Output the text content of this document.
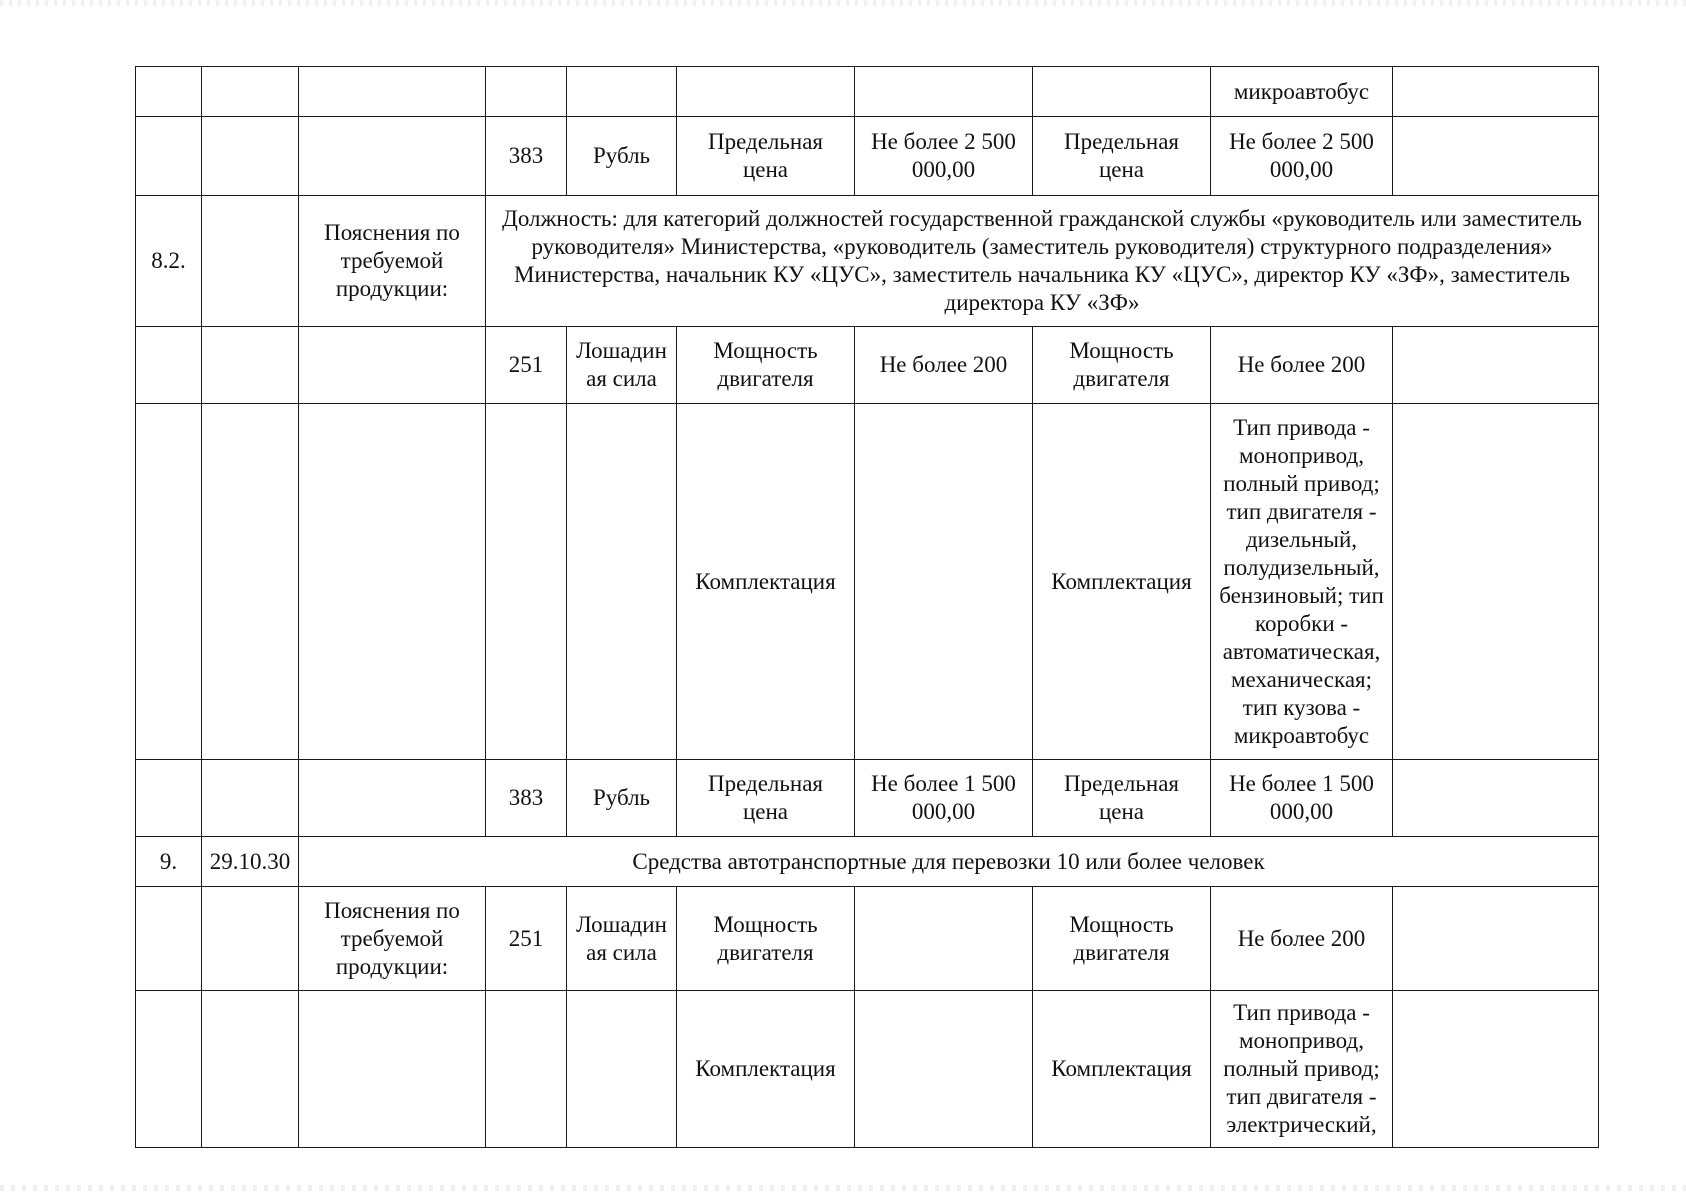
								микроавтобус	
			383	Рубль	Предельная цена	Не более 2 500 000,00	Предельная цена	Не более 2 500 000,00	
8.2.		Пояснения по требуемой продукции:	Должность: для категорий должностей государственной гражданской службы «руководитель или заместитель руководителя» Министерства, «руководитель (заместитель руководителя) структурного подразделения» Министерства, начальник КУ «ЦУС», заместитель начальника КУ «ЦУС», директор КУ «ЗФ», заместитель директора КУ «ЗФ»						
			251	Лошадиная сила	Мощность двигателя	Не более 200	Мощность двигателя	Не более 200	
					Комплектация		Комплектация	Тип привода - монопривод, полный привод; тип двигателя - дизельный, полудизельный, бензиновый; тип коробки - автоматическая, механическая; тип кузова - микроавтобус	
			383	Рубль	Предельная цена	Не более 1 500 000,00	Предельная цена	Не более 1 500 000,00	
9.	29.10.30	Средства автотранспортные для перевозки 10 или более человек							
		Пояснения по требуемой продукции:	251	Лошадиная сила	Мощность двигателя		Мощность двигателя	Не более 200	
					Комплектация		Комплектация	Тип привода - монопривод, полный привод; тип двигателя - электрический,	
